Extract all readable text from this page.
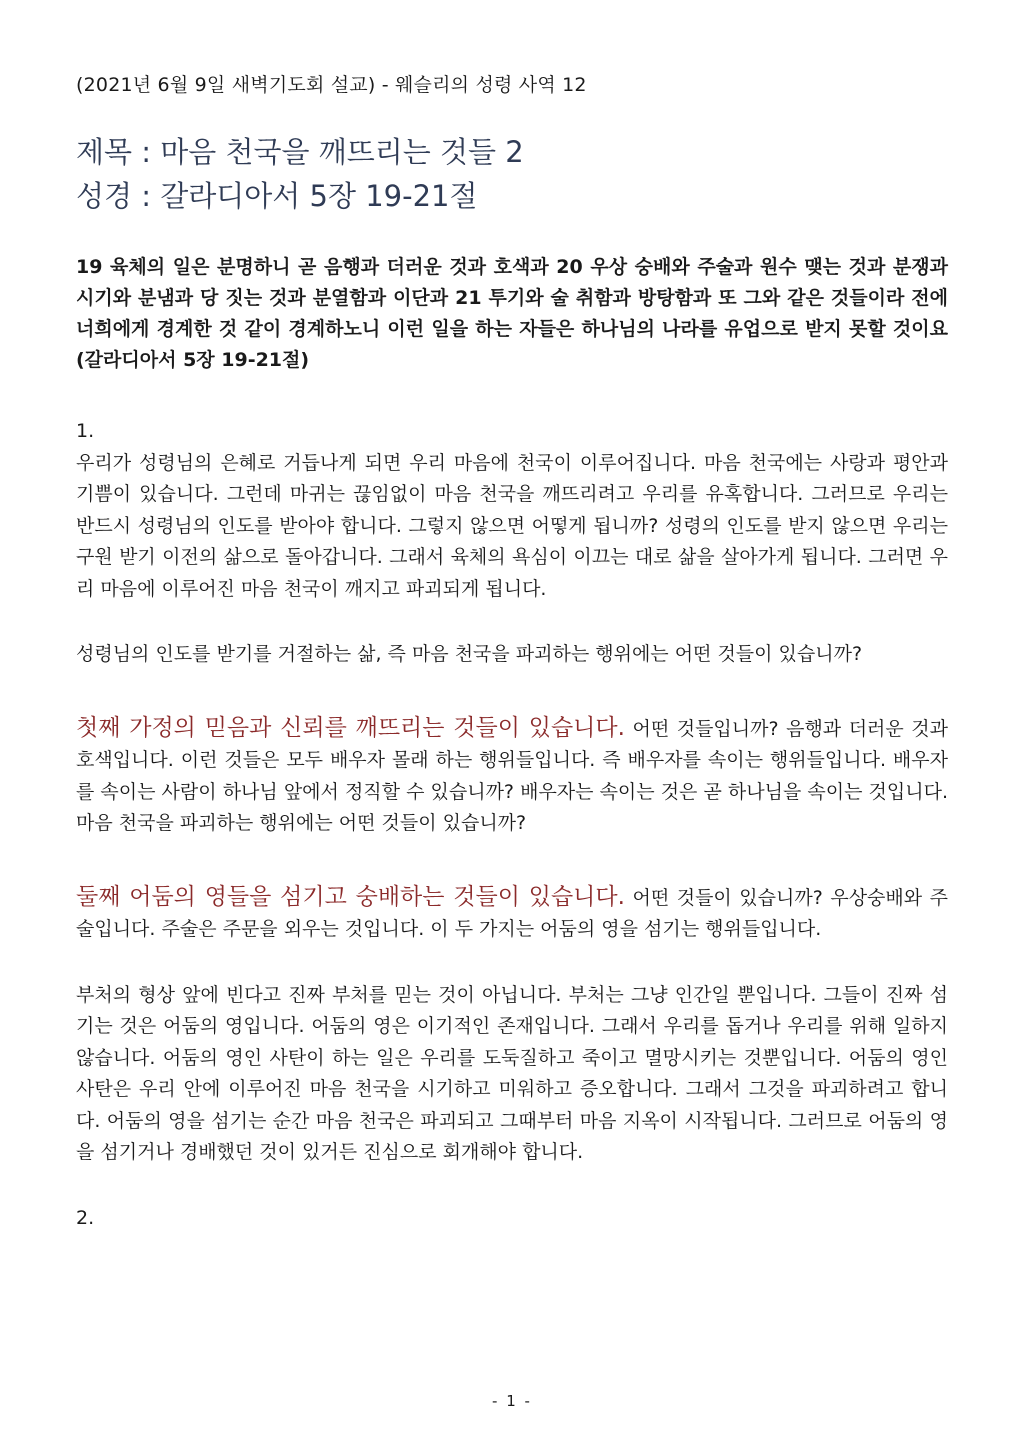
(2021년 6월 9일 새벽기도회 설교) - 웨슬리의 성령 사역 12
제목 : 마음 천국을 깨뜨리는 것들 2
성경 : 갈라디아서 5장 19-21절

19 육체의 일은 분명하니 곧 음행과 더러운 것과 호색과 20 우상 숭배와 주술과 원수 맺는 것과 분쟁과 시기와 분냄과 당 짓는 것과 분열함과 이단과 21 투기와 술 취함과 방탕함과 또 그와 같은 것들이라 전에 너희에게 경계한 것 같이 경계하노니 이런 일을 하는 자들은 하나님의 나라를 유업으로 받지 못할 것이요 (갈라디아서 5장 19-21절)

1.

우리가 성령님의 은혜로 거듭나게 되면 우리 마음에 천국이 이루어집니다. 마음 천국에는 사랑과 평안과 기쁨이 있습니다. 그런데 마귀는 끊임없이 마음 천국을 깨뜨리려고 우리를 유혹합니다. 그러므로 우리는 반드시 성령님의 인도를 받아야 합니다. 그렇지 않으면 어떻게 됩니까? 성령의 인도를 받지 않으면 우리는 구원 받기 이전의 삶으로 돌아갑니다. 그래서 육체의 욕심이 이끄는 대로 삶을 살아가게 됩니다. 그러면 우리 마음에 이루어진 마음 천국이 깨지고 파괴되게 됩니다.

성령님의 인도를 받기를 거절하는 삶, 즉 마음 천국을 파괴하는 행위에는 어떤 것들이 있습니까?

첫째 가정의 믿음과 신뢰를 깨뜨리는 것들이 있습니다. 어떤 것들입니까? 음행과 더러운 것과 호색입니다. 이런 것들은 모두 배우자 몰래 하는 행위들입니다. 즉 배우자를 속이는 행위들입니다. 배우자를 속이는 사람이 하나님 앞에서 정직할 수 있습니까? 배우자는 속이는 것은 곧 하나님을 속이는 것입니다. 마음 천국을 파괴하는 행위에는 어떤 것들이 있습니까?

둘째 어둠의 영들을 섬기고 숭배하는 것들이 있습니다. 어떤 것들이 있습니까? 우상숭배와 주술입니다. 주술은 주문을 외우는 것입니다. 이 두 가지는 어둠의 영을 섬기는 행위들입니다.

부처의 형상 앞에 빈다고 진짜 부처를 믿는 것이 아닙니다. 부처는 그냥 인간일 뿐입니다. 그들이 진짜 섬기는 것은 어둠의 영입니다. 어둠의 영은 이기적인 존재입니다. 그래서 우리를 돕거나 우리를 위해 일하지 않습니다. 어둠의 영인 사탄이 하는 일은 우리를 도둑질하고 죽이고 멸망시키는 것뿐입니다. 어둠의 영인 사탄은 우리 안에 이루어진 마음 천국을 시기하고 미워하고 증오합니다. 그래서 그것을 파괴하려고 합니다. 어둠의 영을 섬기는 순간 마음 천국은 파괴되고 그때부터 마음 지옥이 시작됩니다. 그러므로 어둠의 영을 섬기거나 경배했던 것이 있거든 진심으로 회개해야 합니다.

2.
- 1 -
